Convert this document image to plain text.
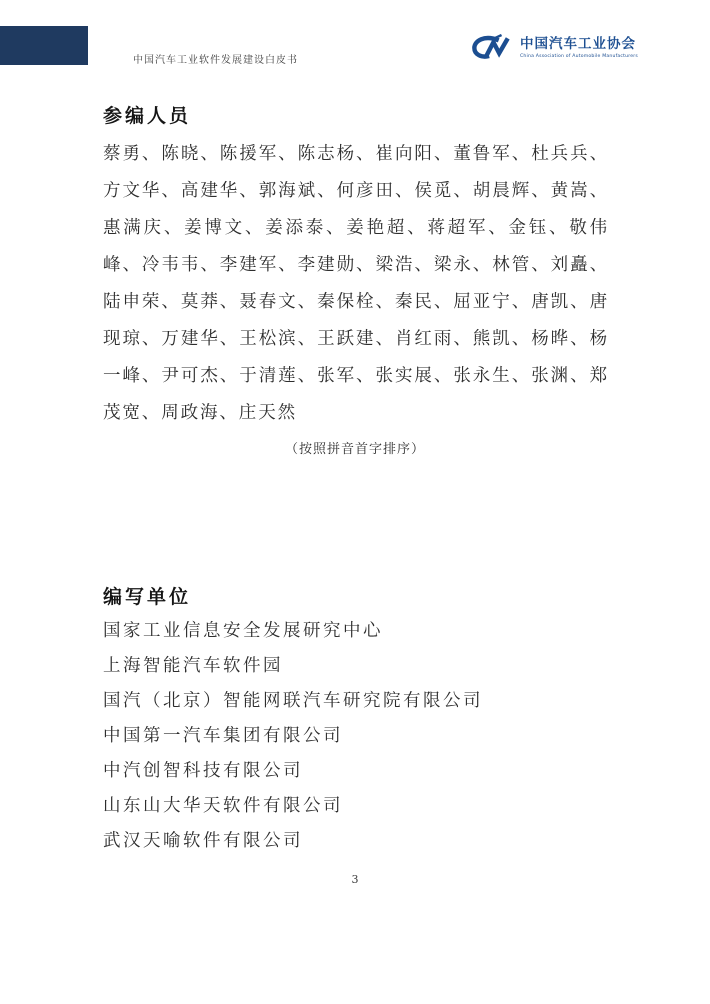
中国汽车工业软件发展建设白皮书
中国汽车工业协会
China Association of Automobile Manufacturers
参编人员

蔡勇、陈晓、陈援军、陈志杨、崔向阳、董鲁军、杜兵兵、方文华、高建华、郭海斌、何彦田、侯觅、胡晨辉、黄嵩、惠满庆、姜博文、姜添泰、姜艳超、蒋超军、金钰、敬伟峰、冷韦韦、李建军、李建勋、梁浩、梁永、林管、刘矗、陆申荣、莫莽、聂春文、秦保栓、秦民、屈亚宁、唐凯、唐现琼、万建华、王松滨、王跃建、肖红雨、熊凯、杨晔、杨一峰、尹可杰、于清莲、张军、张实展、张永生、张渊、郑茂宽、周政海、庄天然

（按照拼音首字排序）
编写单位
国家工业信息安全发展研究中心
上海智能汽车软件园
国汽（北京）智能网联汽车研究院有限公司
中国第一汽车集团有限公司
中汽创智科技有限公司
山东山大华天软件有限公司
武汉天喻软件有限公司
3
